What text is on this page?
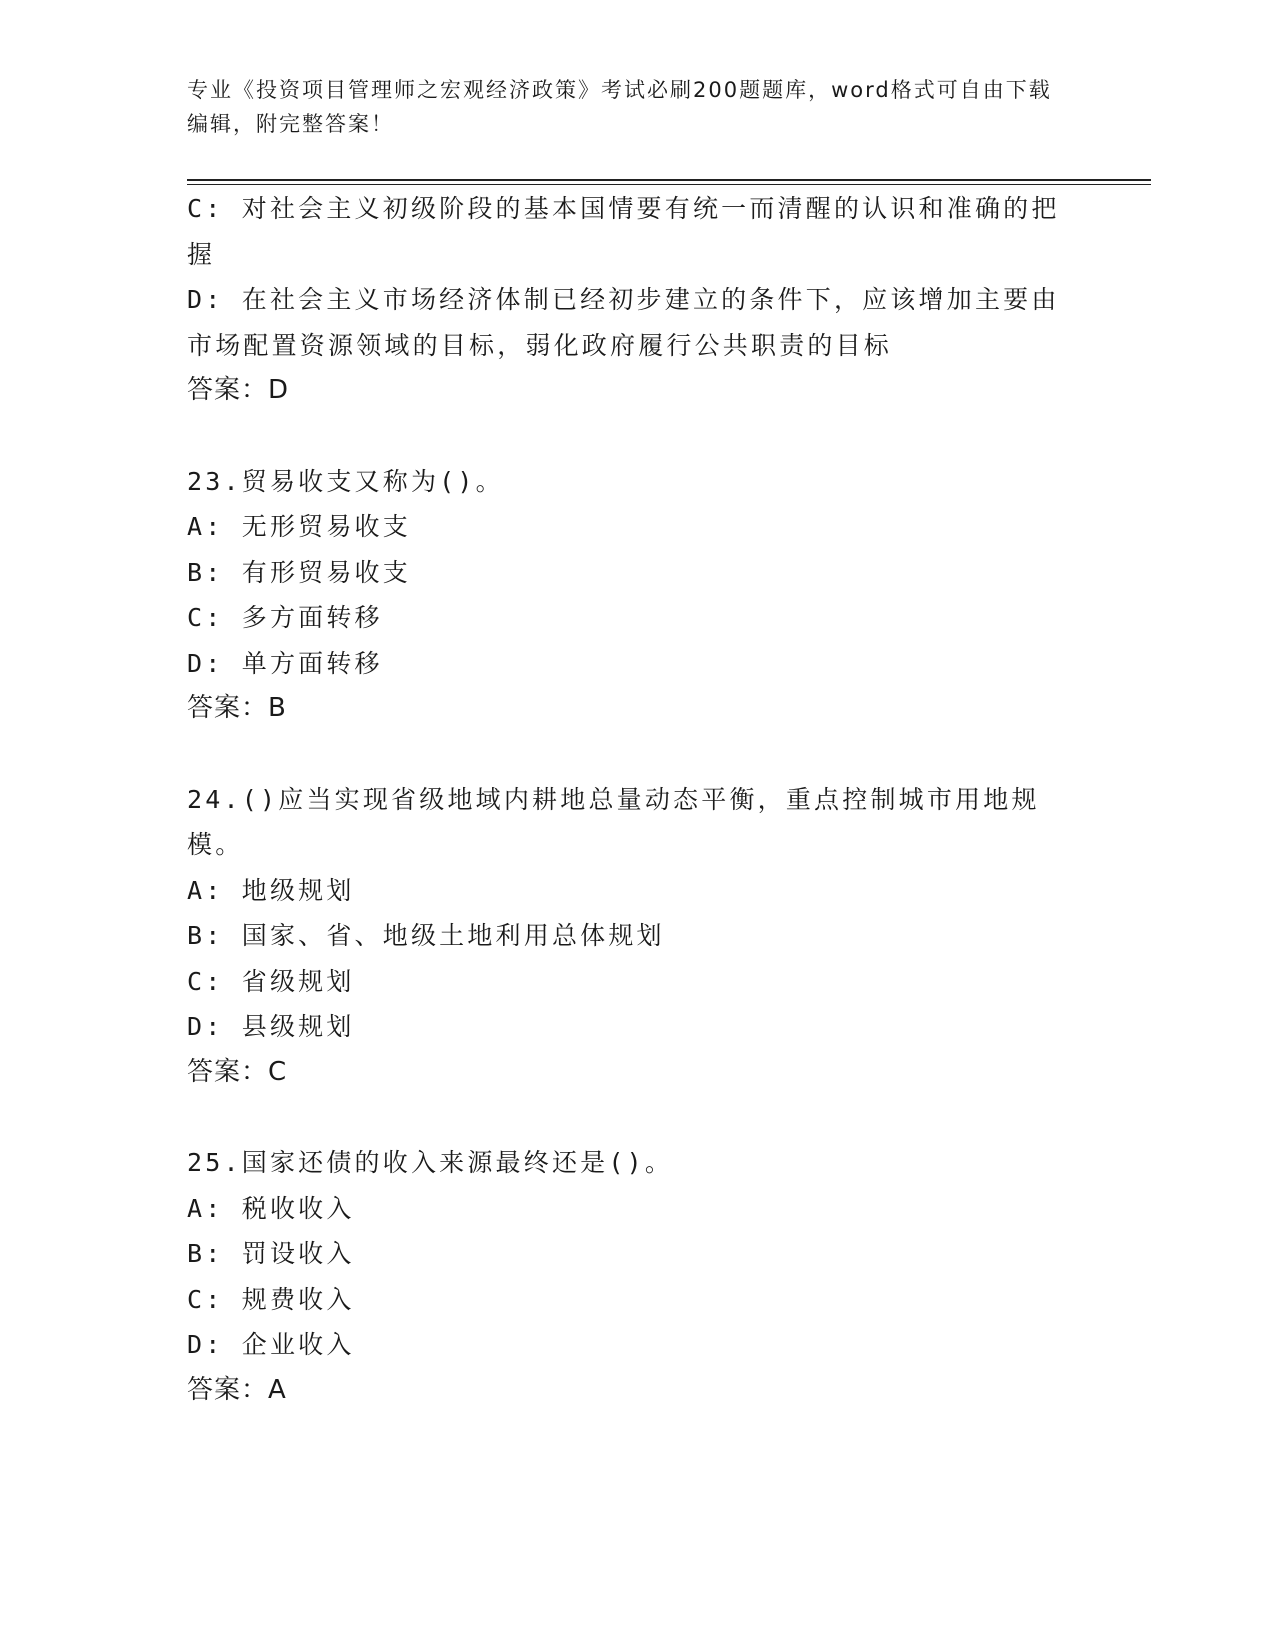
专业《投资项目管理师之宏观经济政策》考试必刷200题题库，word格式可自由下载编辑，附完整答案！
C: 对社会主义初级阶段的基本国情要有统一而清醒的认识和准确的把握
D: 在社会主义市场经济体制已经初步建立的条件下，应该增加主要由市场配置资源领域的目标，弱化政府履行公共职责的目标
答案：D
23.贸易收支又称为()。
A: 无形贸易收支
B: 有形贸易收支
C: 多方面转移
D: 单方面转移
答案：B
24.()应当实现省级地域内耕地总量动态平衡，重点控制城市用地规模。
A: 地级规划
B: 国家、省、地级土地利用总体规划
C: 省级规划
D: 县级规划
答案：C
25.国家还债的收入来源最终还是()。
A: 税收收入
B: 罚设收入
C: 规费收入
D: 企业收入
答案：A
